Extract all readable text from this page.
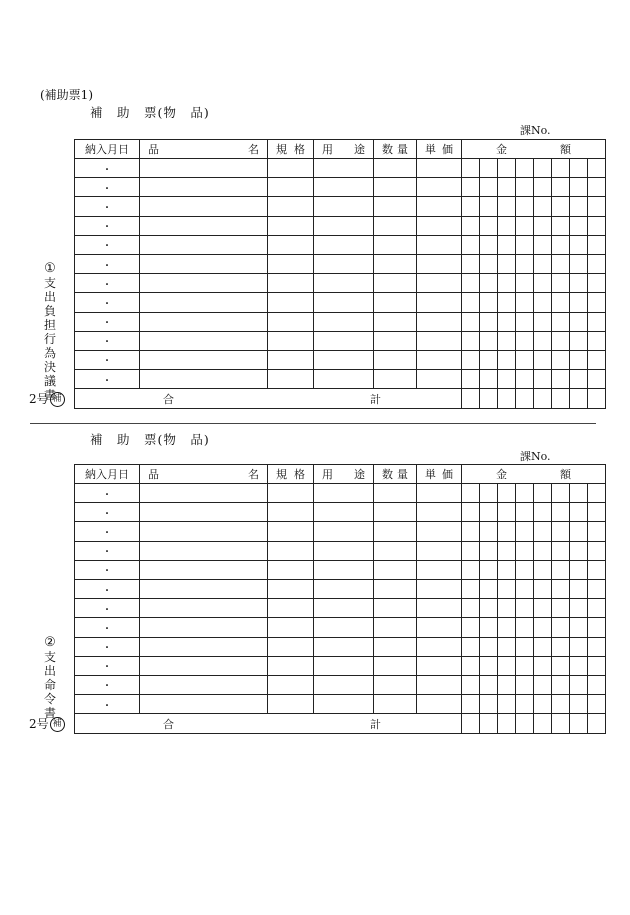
(補助票1)
補　助　票(物　品)
課No.
①
支
出
負
担
行
為
決
議
書
2号 補
納入月日	品 名	規 格	用 途	数 量	単 価	金 額							

・													
・													
・													
・													
・													
・													
・													
・													
・													
・													
・													
・													

合 計													

補　助　票(物　品)
課No.
②
支
出
命
令
書
2号 補
納入月日	品 名	規 格	用 途	数 量	単 価	金 額							

・													
・													
・													
・													
・													
・													
・													
・													
・													
・													
・													
・													

合 計													
